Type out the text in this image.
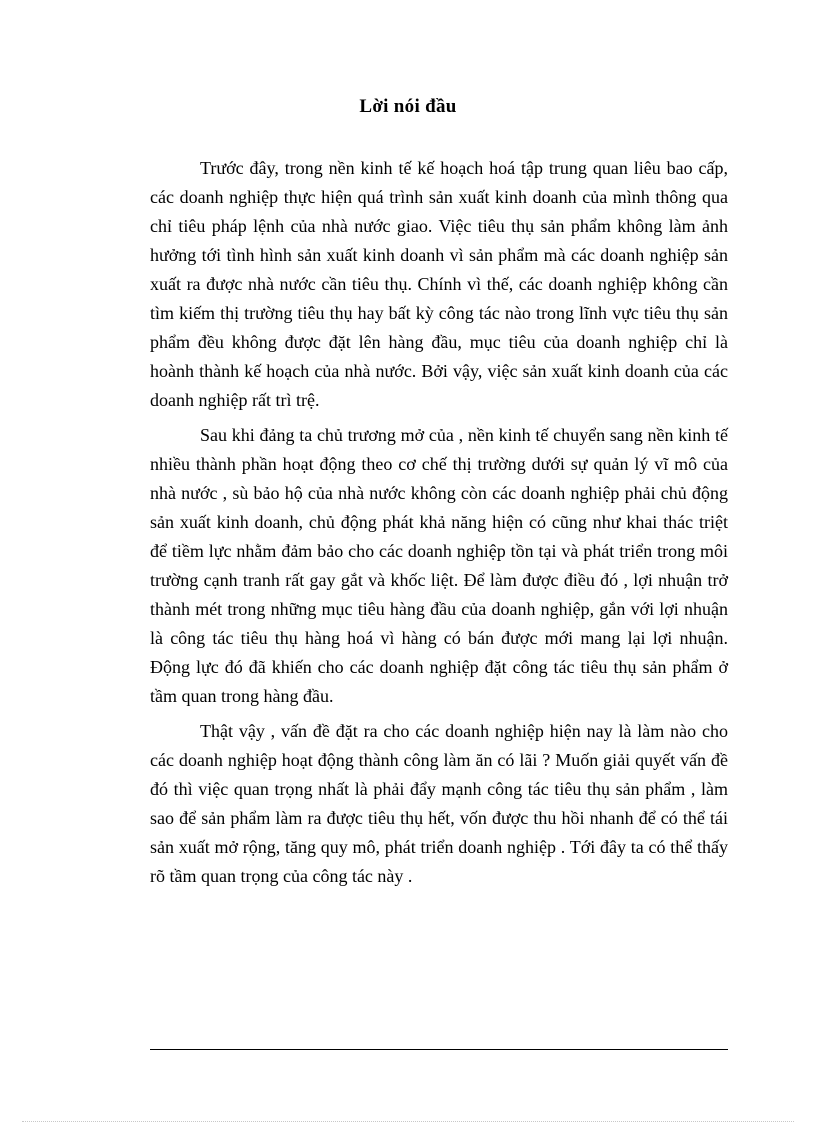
Lời nói đầu

Trước đây, trong nền kinh tế kế hoạch hoá tập trung quan liêu bao cấp, các doanh nghiệp thực hiện quá trình sản xuất kinh doanh của mình thông qua chỉ tiêu pháp lệnh của nhà nước giao. Việc tiêu thụ sản phẩm không làm ảnh hưởng tới tình hình sản xuất kinh doanh vì sản phẩm mà các doanh nghiệp sản xuất ra được nhà nước cần tiêu thụ. Chính vì thế, các doanh nghiệp không cần tìm kiếm thị trường tiêu thụ hay bất kỳ công tác nào trong lĩnh vực tiêu thụ sản phẩm đều không được đặt lên hàng đầu, mục tiêu của doanh nghiệp chỉ là hoành thành kế hoạch của nhà nước. Bởi vậy, việc sản xuất kinh doanh của các doanh nghiệp rất trì trệ.

Sau khi đảng ta chủ trương mở của , nền kinh tế chuyển sang nền kinh tế nhiều thành phần hoạt động theo cơ chế thị trường dưới sự quản lý vĩ mô của nhà nước , sù bảo hộ của nhà nước không còn các doanh nghiệp phải chủ động sản xuất kinh doanh, chủ động phát khả năng hiện có cũng như khai thác triệt để tiềm lực nhằm đảm bảo cho các doanh nghiệp tồn tại và phát triển trong môi trường cạnh tranh rất gay gắt và khốc liệt. Để làm được điều đó , lợi nhuận trở thành mét trong những mục tiêu hàng đầu của doanh nghiệp, gắn với lợi nhuận là công tác tiêu thụ hàng hoá vì hàng có bán được mới mang lại lợi nhuận. Động lực đó đã khiến cho các doanh nghiệp đặt công tác tiêu thụ sản phẩm ở tầm quan trong hàng đầu.

Thật vậy , vấn đề đặt ra cho các doanh nghiệp hiện nay là làm nào cho các doanh nghiệp hoạt động thành công làm ăn có lãi ? Muốn giải quyết vấn đề đó thì việc quan trọng nhất là phải đẩy mạnh công tác tiêu thụ sản phẩm , làm sao để sản phẩm làm ra được tiêu thụ hết, vốn được thu hồi nhanh để có thể tái sản xuất mở rộng, tăng quy mô, phát triển doanh nghiệp . Tới đây ta có thể thấy rõ tầm quan trọng của công tác này .
